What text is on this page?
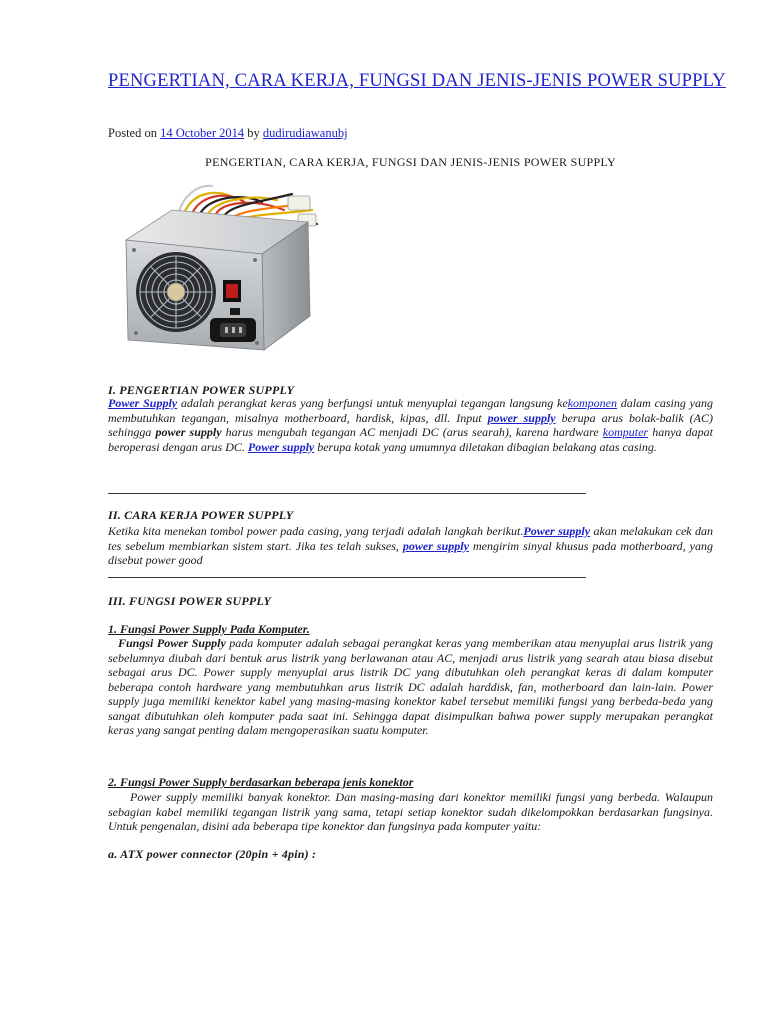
PENGERTIAN, CARA KERJA, FUNGSI DAN JENIS-JENIS POWER SUPPLY
Posted on 14 October 2014 by dudirudiawanubj

PENGERTIAN, CARA KERJA, FUNGSI DAN JENIS-JENIS POWER SUPPLY

I. PENGERTIAN POWER SUPPLY
Power Supply adalah perangkat keras yang berfungsi untuk menyuplai tegangan langsung kekomponen dalam casing yang membutuhkan tegangan, misalnya motherboard, hardisk, kipas, dll. Input power supply berupa arus bolak-balik (AC) sehingga power supply harus mengubah tegangan AC menjadi DC (arus searah), karena hardware komputer hanya dapat beroperasi dengan arus DC. Power supply berupa kotak yang umumnya diletakan dibagian belakang atas casing.
II. CARA KERJA POWER SUPPLY
Ketika kita menekan tombol power pada casing, yang terjadi adalah langkah berikut.Power supply akan melakukan cek dan tes sebelum membiarkan sistem start. Jika tes telah sukses, power supply mengirim sinyal khusus pada motherboard, yang disebut power good
III. FUNGSI POWER SUPPLY
1. Fungsi Power Supply Pada Komputer.
Fungsi Power Supply pada komputer adalah sebagai perangkat keras yang memberikan atau menyuplai arus listrik yang sebelumnya diubah dari bentuk arus listrik yang berlawanan atau AC, menjadi arus listrik yang searah atau biasa disebut sebagai arus DC. Power supply menyuplai arus listrik DC yang dibutuhkan oleh perangkat keras di dalam komputer beberapa contoh hardware yang membutuhkan arus listrik DC adalah harddisk, fan, motherboard dan lain-lain. Power supply juga memiliki kenektor kabel yang masing-masing konektor kabel tersebut memiliki fungsi yang berbeda-beda yang sangat dibutuhkan oleh komputer pada saat ini. Sehingga dapat disimpulkan bahwa power supply merupakan perangkat keras yang sangat penting dalam mengoperasikan suatu komputer.
2. Fungsi Power Supply berdasarkan beberapa jenis konektor
Power supply memiliki banyak konektor. Dan masing-masing dari konektor memiliki fungsi yang berbeda. Walaupun sebagian kabel memiliki tegangan listrik yang sama, tetapi setiap konektor sudah dikelompokkan berdasarkan fungsinya. Untuk pengenalan, disini ada beberapa tipe konektor dan fungsinya pada komputer yaitu:
a. ATX power connector (20pin + 4pin) :
